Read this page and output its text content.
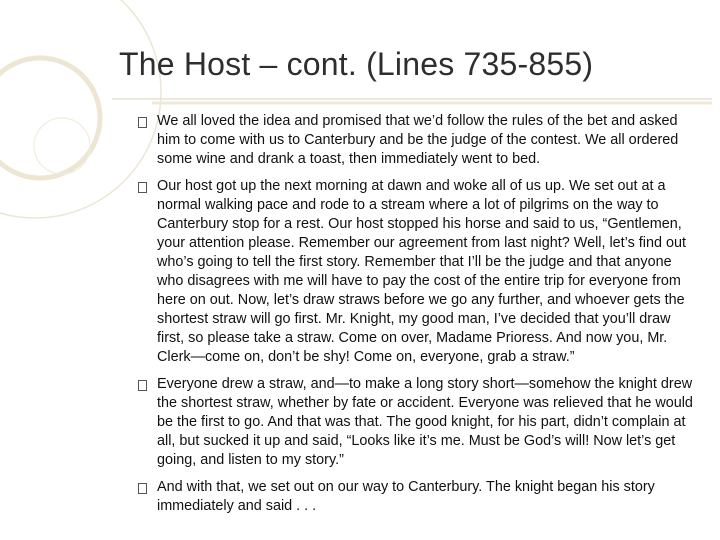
The Host – cont. (Lines 735-855)
We all loved the idea and promised that we’d follow the rules of the bet and asked him to come with us to Canterbury and be the judge of the contest. We all ordered some wine and drank a toast, then immediately went to bed.
Our host got up the next morning at dawn and woke all of us up. We set out at a normal walking pace and rode to a stream where a lot of pilgrims on the way to Canterbury stop for a rest. Our host stopped his horse and said to us, “Gentlemen, your attention please. Remember our agreement from last night? Well, let’s find out who’s going to tell the first story. Remember that I’ll be the judge and that anyone who disagrees with me will have to pay the cost of the entire trip for everyone from here on out. Now, let’s draw straws before we go any further, and whoever gets the shortest straw will go first. Mr. Knight, my good man, I’ve decided that you’ll draw first, so please take a straw. Come on over, Madame Prioress. And now you, Mr. Clerk—come on, don’t be shy! Come on, everyone, grab a straw.”
Everyone drew a straw, and—to make a long story short—somehow the knight drew the shortest straw, whether by fate or accident. Everyone was relieved that he would be the first to go. And that was that. The good knight, for his part, didn’t complain at all, but sucked it up and said, “Looks like it’s me. Must be God’s will! Now let’s get going, and listen to my story.”
And with that, we set out on our way to Canterbury. The knight began his story immediately and said . . .
